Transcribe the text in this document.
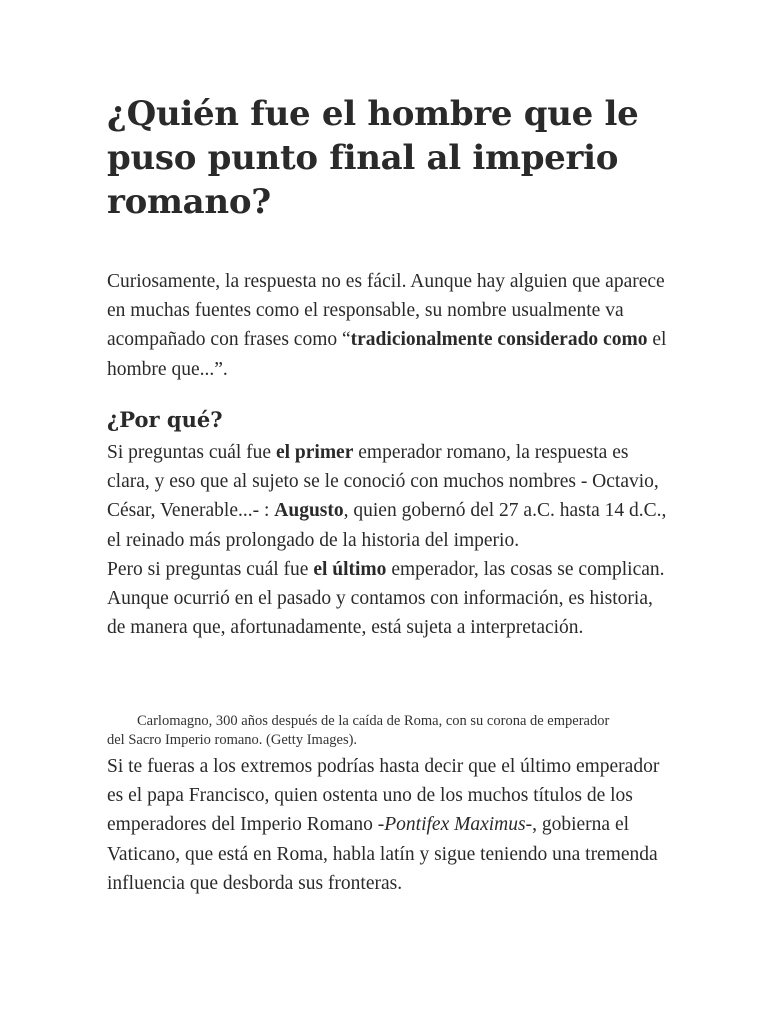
¿Quién fue el hombre que le puso punto final al imperio romano?

Curiosamente, la respuesta no es fácil. Aunque hay alguien que aparece en muchas fuentes como el responsable, su nombre usualmente va acompañado con frases como “tradicionalmente considerado como el hombre que...”.

¿Por qué?
Si preguntas cuál fue el primer emperador romano, la respuesta es clara, y eso que al sujeto se le conoció con muchos nombres - Octavio, César, Venerable...- : Augusto, quien gobernó del 27 a.C. hasta 14 d.C., el reinado más prolongado de la historia del imperio.
Pero si preguntas cuál fue el último emperador, las cosas se complican.
Aunque ocurrió en el pasado y contamos con información, es historia, de manera que, afortunadamente, está sujeta a interpretación.

Carlomagno, 300 años después de la caída de Roma, con su corona de emperador del Sacro Imperio romano. (Getty Images).

Si te fueras a los extremos podrías hasta decir que el último emperador es el papa Francisco, quien ostenta uno de los muchos títulos de los emperadores del Imperio Romano -Pontifex Maximus-, gobierna el Vaticano, que está en Roma, habla latín y sigue teniendo una tremenda influencia que desborda sus fronteras.
